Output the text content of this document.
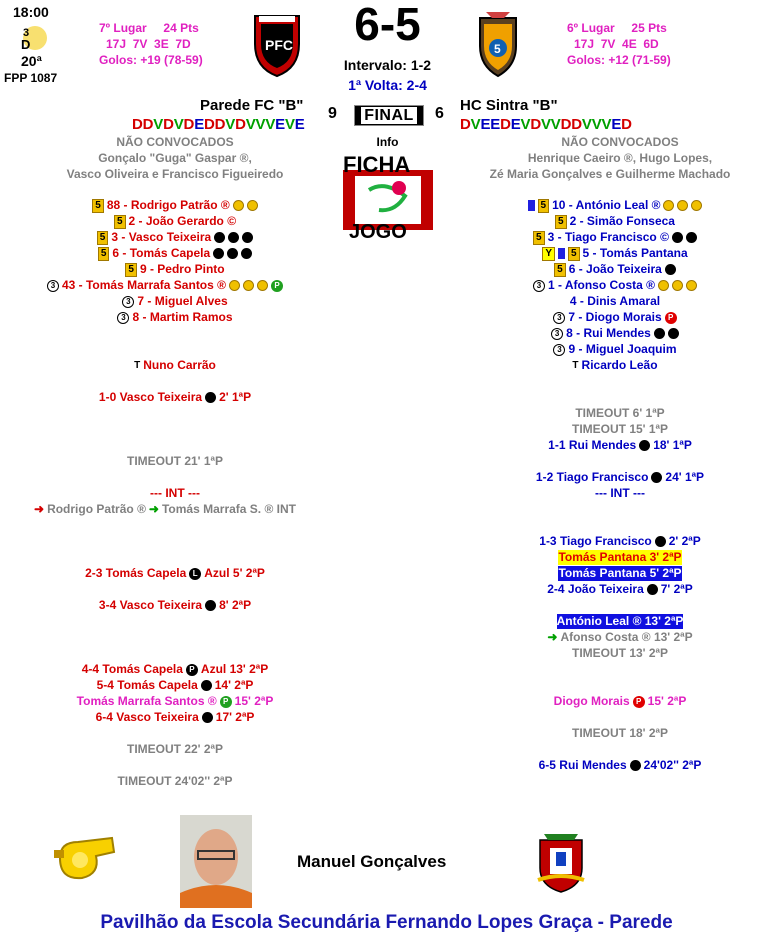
18:00
3
D
20ª
FPP 1087
7º Lugar 24 Pts
17J  7V  3E  7D
Golos: +19 (78-59)
PFC	6-5
Intervalo: 1-2
1ª Volta: 2-4
5
6º Lugar 25 Pts
17J  7V  4E  6D
Golos: +12 (71-59)
Parede FC "B"
DDVDVDEDDVDVVVEVE
9	FINAL	6 HC Sintra "B"
DVEEDEVDVVDDVVVED
Info
FICHA
JOGO
NÃO CONVOCADOS
Gonçalo "Guga" Gaspar ®,
Vasco Oliveira e Francisco Figueiredo
NÃO CONVOCADOS
Henrique Caeiro ®, Hugo Lopes,
Zé Maria Gonçalves e Guilherme Machado
5 88 - Rodrigo Patrão ®
5 2 - João Gerardo ©
5 3 - Vasco Teixeira
5 6 - Tomás Capela
5 9 - Pedro Pinto
3 43 - Tomás Marrafa Santos ®	P
3 7 - Miguel Alves
3 8 - Martim Ramos
T Nuno Carrão
5 10 - António Leal ®
5 2 - Simão Fonseca
5 3 - Tiago Francisco ©
Y	5 5 - Tomás Pantana
5 6 - João Teixeira
3 1 - Afonso Costa ®
4 - Dinis Amaral
3 7 - Diogo Morais P
3 8 - Rui Mendes
3 9 - Miguel Joaquim
T Ricardo Leão
1-0 Vasco Teixeira 2' 1ªP
TIMEOUT 21' 1ªP
--- INT ---
➜ Rodrigo Patrão ® ➜ Tomás Marrafa S. ® INT
2-3 Tomás Capela L Azul 5' 2ªP
3-4 Vasco Teixeira 8' 2ªP
4-4 Tomás Capela P Azul 13' 2ªP
5-4 Tomás Capela 14' 2ªP
Tomás Marrafa Santos ® P 15' 2ªP
6-4 Vasco Teixeira 17' 2ªP
TIMEOUT 22' 2ªP
TIMEOUT 24'02'' 2ªP
TIMEOUT 6' 1ªP
TIMEOUT 15' 1ªP
1-1 Rui Mendes 18' 1ªP
1-2 Tiago Francisco 24' 1ªP
--- INT ---
1-3 Tiago Francisco 2' 2ªP
Tomás Pantana 3' 2ªP
Tomás Pantana 5' 2ªP
2-4 João Teixeira 7' 2ªP
António Leal ® 13' 2ªP
➜ Afonso Costa ® 13' 2ªP
TIMEOUT 13' 2ªP
Diogo Morais P 15' 2ªP
TIMEOUT 18' 2ªP
6-5 Rui Mendes 24'02'' 2ªP
Manuel Gonçalves
Pavilhão da Escola Secundária Fernando Lopes Graça - Parede
